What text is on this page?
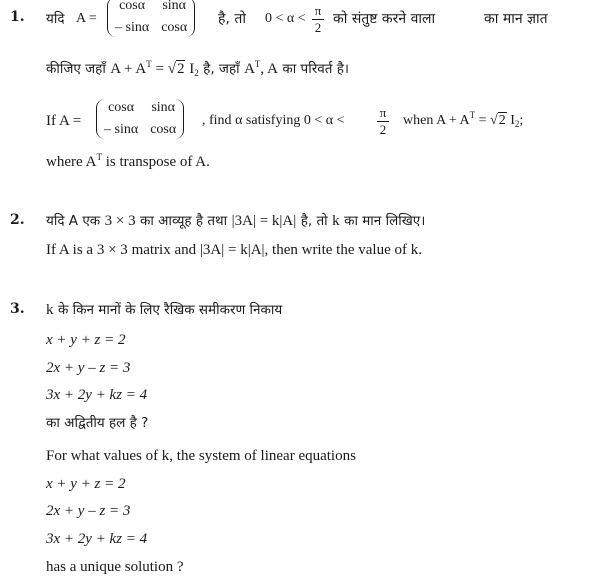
1. यदि A =
cosα sinα
– sinα cosα
है, तो 0 < α <
π
2
को संतुष्ट करने वाला	का मान ज्ञात
कीजिए जहाँ $A + A^T = √2$ $I_2$ है, जहाँ $A^T$, A का परिवर्त है।
If A =
cosα sinα
– sinα cosα
, find α satisfying 0 < α <
π
2
when $A + A^T = √2$ $I_2$;
where $A^T$ is transpose of A.
2. यदि A एक 3 × 3 का आव्यूह है तथा |3A| = k|A| है, तो k का मान लिखिए।
If A is a 3 × 3 matrix and |3A| = k|A|, then write the value of k.
3. k के किन मानों के लिए रैखिक समीकरण निकाय
x + y + z = 2
2x + y – z = 3
3x + 2y + kz = 4
का अद्वितीय हल है ?
For what values of k, the system of linear equations
x + y + z = 2
2x + y – z = 3
3x + 2y + kz = 4
has a unique solution ?
